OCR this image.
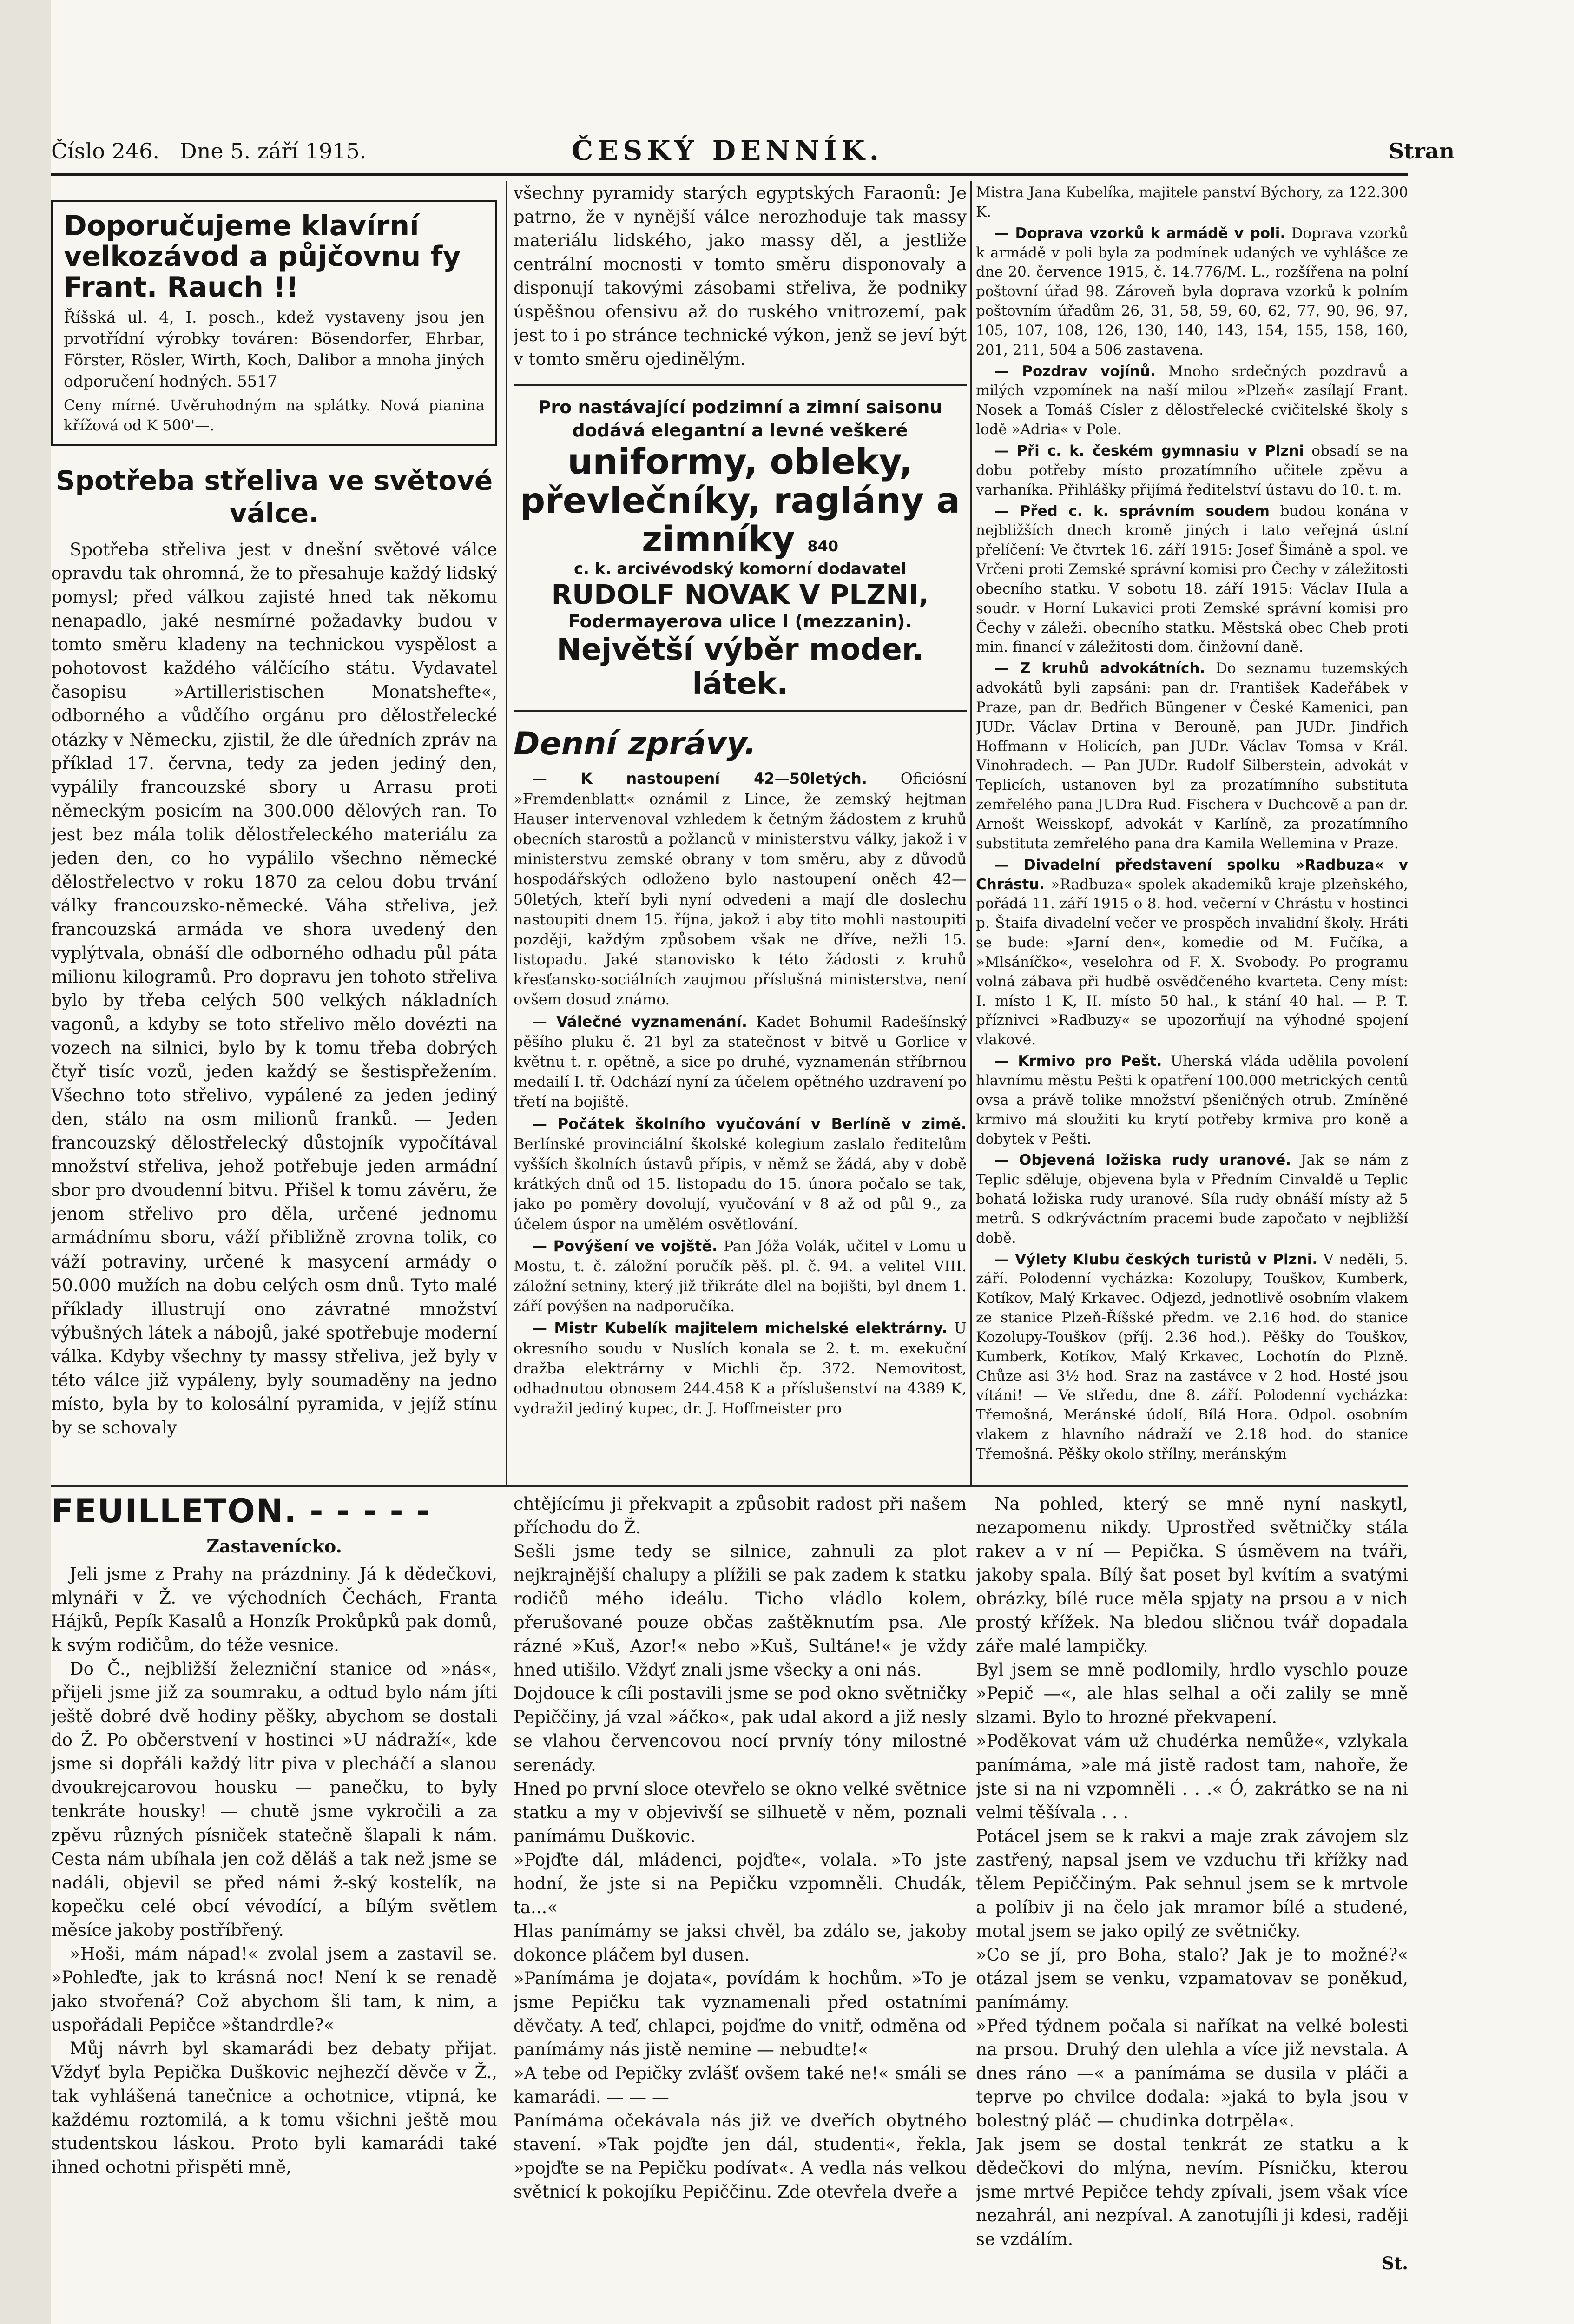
Číslo 246. Dne 5. září 1915.	ČESKÝ DENNÍK.	Stran
Doporučujeme klavírní velkozávod a půjčovnu fy Frant. Rauch !!
Říšská ul. 4, I. posch., kdež vystaveny jsou jen prvotřídní výrobky továren: Bösendorfer, Ehrbar, Förster, Rösler, Wirth, Koch, Dalibor a mnoha jiných odporučení hodných. 5517
Ceny mírné. Uvěruhodným na splátky. Nová pianina křížová od K 500'—.
Spotřeba střeliva ve světové válce.
Spotřeba střeliva jest v dnešní světové válce opravdu tak ohromná, že to přesahuje každý lidský pomysl; před válkou zajisté hned tak někomu nenapadlo, jaké nesmírné požadavky budou v tomto směru kladeny na technickou vyspělost a pohotovost každého válčícího státu. Vydavatel časopisu »Artilleristischen Monatshefte«, odborného a vůdčího orgánu pro dělostřelecké otázky v Německu, zjistil, že dle úředních zpráv na příklad 17. června, tedy za jeden jediný den, vypálily francouzské sbory u Arrasu proti německým posicím na 300.000 dělových ran. To jest bez mála tolik dělostřeleckého materiálu za jeden den, co ho vypálilo všechno německé dělostřelectvo v roku 1870 za celou dobu trvání války francouzsko-německé. Váha střeliva, jež francouzská armáda ve shora uvedený den vyplýtvala, obnáší dle odborného odhadu půl páta milionu kilogramů. Pro dopravu jen tohoto střeliva bylo by třeba celých 500 velkých nákladních vagonů, a kdyby se toto střelivo mělo dovézti na vozech na silnici, bylo by k tomu třeba dobrých čtyř tisíc vozů, jeden každý se šestispřežením. Všechno toto střelivo, vypálené za jeden jediný den, stálo na osm milionů franků. — Jeden francouzský dělostřelecký důstojník vypočítával množství střeliva, jehož potřebuje jeden armádní sbor pro dvoudenní bitvu. Přišel k tomu závěru, že jenom střelivo pro děla, určené jednomu armádnímu sboru, váží přibližně zrovna tolik, co váží potraviny, určené k masycení armády o 50.000 mužích na dobu celých osm dnů. Tyto malé příklady illustrují ono závratné množství výbušných látek a nábojů, jaké spotřebuje moderní válka. Kdyby všechny ty massy střeliva, jež byly v této válce již vypáleny, byly soumaděny na jedno místo, byla by to kolosální pyramida, v jejíž stínu by se schovaly
všechny pyramidy starých egyptských Faraonů: Je patrno, že v nynější válce nerozhoduje tak massy materiálu lidského, jako massy děl, a jestliže centrální mocnosti v tomto směru disponovaly a disponují takovými zásobami střeliva, že podniky úspěšnou ofensivu až do ruského vnitrozemí, pak jest to i po stránce technické výkon, jenž se jeví být v tomto směru ojedinělým.
Pro nastávající podzimní a zimní saisonu dodává elegantní a levné veškeré
uniformy, obleky, převlečníky, raglány a zimníky 840
c. k. arcivévodský komorní dodavatel
RUDOLF NOVAK V PLZNI,
Fodermayerova ulice I (mezzanin).
Největší výběr moder. látek.
Denní zprávy.
— K nastoupení 42—50letých. Oficiósní »Fremdenblatt« oznámil z Lince, že zemský hejtman Hauser intervenoval vzhledem k četným žádostem z kruhů obecních starostů a požlanců v ministerstvu války, jakož i v ministerstvu zemské obrany v tom směru, aby z důvodů hospodářských odloženo bylo nastoupení oněch 42—50letých, kteří byli nyní odvedeni a mají dle doslechu nastoupiti dnem 15. října, jakož i aby tito mohli nastoupiti později, každým způsobem však ne dříve, nežli 15. listopadu. Jaké stanovisko k této žádosti z kruhů křesťansko-sociálních zaujmou příslušná ministerstva, není ovšem dosud známo.
— Válečné vyznamenání. Kadet Bohumil Radešínský pěšího pluku č. 21 byl za statečnost v bitvě u Gorlice v květnu t. r. opětně, a sice po druhé, vyznamenán stříbrnou medailí I. tř. Odchází nyní za účelem opětného uzdravení po třetí na bojiště.
— Počátek školního vyučování v Berlíně v zimě. Berlínské provinciální školské kolegium zaslalo ředitelům vyšších školních ústavů přípis, v němž se žádá, aby v době krátkých dnů od 15. listopadu do 15. února počalo se tak, jako po poměry dovolují, vyučování v 8 až od půl 9., za účelem úspor na umělém osvětlování.
— Povýšení ve vojště. Pan Jóža Volák, učitel v Lomu u Mostu, t. č. záložní poručík pěš. pl. č. 94. a velitel VIII. záložní setniny, který již třikráte dlel na bojišti, byl dnem 1. září povýšen na nadporučíka.
— Mistr Kubelík majitelem michelské elektrárny. U okresního soudu v Nuslích konala se 2. t. m. exekuční dražba elektrárny v Michli čp. 372. Nemovitost, odhadnutou obnosem 244.458 K a příslušenství na 4389 K, vydražil jediný kupec, dr. J. Hoffmeister pro
Mistra Jana Kubelíka, majitele panství Býchory, za 122.300 K.
— Doprava vzorků k armádě v poli. Doprava vzorků k armádě v poli byla za podmínek udaných ve vyhlášce ze dne 20. července 1915, č. 14.776/M. L., rozšířena na polní poštovní úřad 98. Zároveň byla doprava vzorků k polním poštovním úřadům 26, 31, 58, 59, 60, 62, 77, 90, 96, 97, 105, 107, 108, 126, 130, 140, 143, 154, 155, 158, 160, 201, 211, 504 a 506 zastavena.
— Pozdrav vojínů. Mnoho srdečných pozdravů a milých vzpomínek na naší milou »Plzeň« zasílají Frant. Nosek a Tomáš Císler z dělostřelecké cvičitelské školy s lodě »Adria« v Pole.
— Při c. k. českém gymnasiu v Plzni obsadí se na dobu potřeby místo prozatímního učitele zpěvu a varhaníka. Přihlášky přijímá ředitelství ústavu do 10. t. m.
— Před c. k. správním soudem budou konána v nejbližších dnech kromě jiných i tato veřejná ústní přelíčení: Ve čtvrtek 16. září 1915: Josef Šimáně a spol. ve Vrčeni proti Zemské správní komisi pro Čechy v záležitosti obecního statku. V sobotu 18. září 1915: Václav Hula a soudr. v Horní Lukavici proti Zemské správní komisi pro Čechy v záleži. obecního statku. Městská obec Cheb proti min. financí v záležitosti dom. činžovní daně.
— Z kruhů advokátních. Do seznamu tuzemských advokátů byli zapsáni: pan dr. František Kadeřábek v Praze, pan dr. Bedřich Büngener v České Kamenici, pan JUDr. Václav Drtina v Berouně, pan JUDr. Jindřich Hoffmann v Holicích, pan JUDr. Václav Tomsa v Král. Vinohradech. — Pan JUDr. Rudolf Silberstein, advokát v Teplicích, ustanoven byl za prozatímního substituta zemřelého pana JUDra Rud. Fischera v Duchcově a pan dr. Arnošt Weisskopf, advokát v Karlíně, za prozatímního substituta zemřelého pana dra Kamila Wellemina v Praze.
— Divadelní představení spolku »Radbuza« v Chrástu. »Radbuza« spolek akademiků kraje plzeňského, pořádá 11. září 1915 o 8. hod. večerní v Chrástu v hostinci p. Štaifa divadelní večer ve prospěch invalidní školy. Hráti se bude: »Jarní den«, komedie od M. Fučíka, a »Mlsáníčko«, veselohra od F. X. Svobody. Po programu volná zábava při hudbě osvědčeného kvarteta. Ceny míst: I. místo 1 K, II. místo 50 hal., k stání 40 hal. — P. T. příznivci »Radbuzy« se upozorňují na výhodné spojení vlakové.
— Krmivo pro Pešt. Uherská vláda udělila povolení hlavnímu městu Pešti k opatření 100.000 metrických centů ovsa a právě tolike množství pšeničných otrub. Zmíněné krmivo má sloužiti ku krytí potřeby krmiva pro koně a dobytek v Pešti.
— Objevená ložiska rudy uranové. Jak se nám z Teplic sděluje, objevena byla v Předním Cinvaldě u Teplic bohatá ložiska rudy uranové. Síla rudy obnáší místy až 5 metrů. S odkrýváctním pracemi bude započato v nejbližší době.
— Výlety Klubu českých turistů v Plzni. V neděli, 5. září. Polodenní vycházka: Kozolupy, Touškov, Kumberk, Kotíkov, Malý Krkavec. Odjezd, jednotlivě osobním vlakem ze stanice Plzeň-Říšské předm. ve 2.16 hod. do stanice Kozolupy-Touškov (příj. 2.36 hod.). Pěšky do Touškov, Kumberk, Kotíkov, Malý Krkavec, Lochotín do Plzně. Chůze asi 3½ hod. Sraz na zastávce v 2 hod. Hosté jsou vítáni! — Ve středu, dne 8. září. Polodenní vycházka: Třemošná, Meránské údolí, Bílá Hora. Odpol. osobním vlakem z hlavního nádraží ve 2.18 hod. do stanice Třemošná. Pěšky okolo střílny, meránským
FEUILLETON. - - - - -
Zastavenícko.
Jeli jsme z Prahy na prázdniny. Já k dědečkovi, mlynáři v Ž. ve východních Čechách, Franta Hájků, Pepík Kasalů a Honzík Prokůpků pak domů, k svým rodičům, do téže vesnice.
Do Č., nejbližší železniční stanice od »nás«, přijeli jsme již za soumraku, a odtud bylo nám jíti ještě dobré dvě hodiny pěšky, abychom se dostali do Ž. Po občerstvení v hostinci »U nádraží«, kde jsme si dopřáli každý litr piva v plecháčí a slanou dvoukrejcarovou housku — panečku, to byly tenkráte housky! — chutě jsme vykročili a za zpěvu různých písniček statečně šlapali k nám. Cesta nám ubíhala jen což děláš a tak než jsme se nadáli, objevil se před námi ž-ský kostelík, na kopečku celé obcí vévodící, a bílým světlem měsíce jakoby postříbřený.
»Hoši, mám nápad!« zvolal jsem a zastavil se. »Pohleďte, jak to krásná noc! Není k se renadě jako stvořená? Což abychom šli tam, k nim, a uspořádali Pepičce »štandrdle?«
Můj návrh byl skamarádi bez debaty přijat. Vždyť byla Pepička Duškovic nejhezčí děvče v Ž., tak vyhlášená tanečnice a ochotnice, vtipná, ke každému roztomilá, a k tomu všichni ještě mou studentskou láskou. Proto byli kamarádi také ihned ochotni přispěti mně,
chtějícímu ji překvapit a způsobit radost při našem příchodu do Ž.
Sešli jsme tedy se silnice, zahnuli za plot nejkrajnější chalupy a plížili se pak zadem k statku rodičů mého ideálu. Ticho vládlo kolem, přerušované pouze občas zaštěknutím psa. Ale rázné »Kuš, Azor!« nebo »Kuš, Sultáne!« je vždy hned utišilo. Vždyť znali jsme všecky a oni nás.
Dojdouce k cíli postavili jsme se pod okno světničky Pepiččiny, já vzal »áčko«, pak udal akord a již nesly se vlahou červencovou nocí prvníy tóny milostné serenády.
Hned po první sloce otevřelo se okno velké světnice statku a my v objevivší se silhuetě v něm, poznali panímámu Duškovic.
»Pojďte dál, mládenci, pojďte«, volala. »To jste hodní, že jste si na Pepičku vzpomněli. Chudák, ta...«
Hlas panímámy se jaksi chvěl, ba zdálo se, jakoby dokonce pláčem byl dusen.
»Panímáma je dojata«, povídám k hochům. »To je jsme Pepičku tak vyznamenali před ostatními děvčaty. A teď, chlapci, pojďme do vnitř, odměna od panímámy nás jistě nemine — nebudte!«
»A tebe od Pepičky zvlášť ovšem také ne!« smáli se kamarádi. — — —
Panímáma očekávala nás již ve dveřích obytného stavení. »Tak pojďte jen dál, studenti«, řekla, »pojďte se na Pepičku podívat«. A vedla nás velkou světnicí k pokojíku Pepiččinu. Zde otevřela dveře a
Na pohled, který se mně nyní naskytl, nezapomenu nikdy. Uprostřed světničky stála rakev a v ní — Pepička. S úsměvem na tváři, jakoby spala. Bílý šat poset byl kvítím a svatými obrázky, bílé ruce měla spjaty na prsou a v nich prostý křížek. Na bledou sličnou tvář dopadala záře malé lampičky.
Byl jsem se mně podlomily, hrdlo vyschlo pouze »Pepič —«, ale hlas selhal a oči zalily se mně slzami. Bylo to hrozné překvapení.
»Poděkovat vám už chudérka nemůže«, vzlykala panímáma, »ale má jistě radost tam, nahoře, že jste si na ni vzpomněli . . .« Ó, zakrátko se na ni velmi těšívala . . .
Potácel jsem se k rakvi a maje zrak závojem slz zastřený, napsal jsem ve vzduchu tři křížky nad tělem Pepiččiným. Pak sehnul jsem se k mrtvole a políbiv ji na čelo jak mramor bílé a studené, motal jsem se jako opilý ze světničky.
»Co se jí, pro Boha, stalo? Jak je to možné?« otázal jsem se venku, vzpamatovav se poněkud, panímámy.
»Před týdnem počala si naříkat na velké bolesti na prsou. Druhý den ulehla a více již nevstala. A dnes ráno —« a panímáma se dusila v pláči a teprve po chvilce dodala: »jaká to byla jsou v bolestný pláč — chudinka dotrpěla«.
Jak jsem se dostal tenkrát ze statku a k dědečkovi do mlýna, nevím. Písničku, kterou jsme mrtvé Pepičce tehdy zpívali, jsem však více nezahrál, ani nezpíval. A zanotujíli ji kdesi, raději se vzdálím.
St.
